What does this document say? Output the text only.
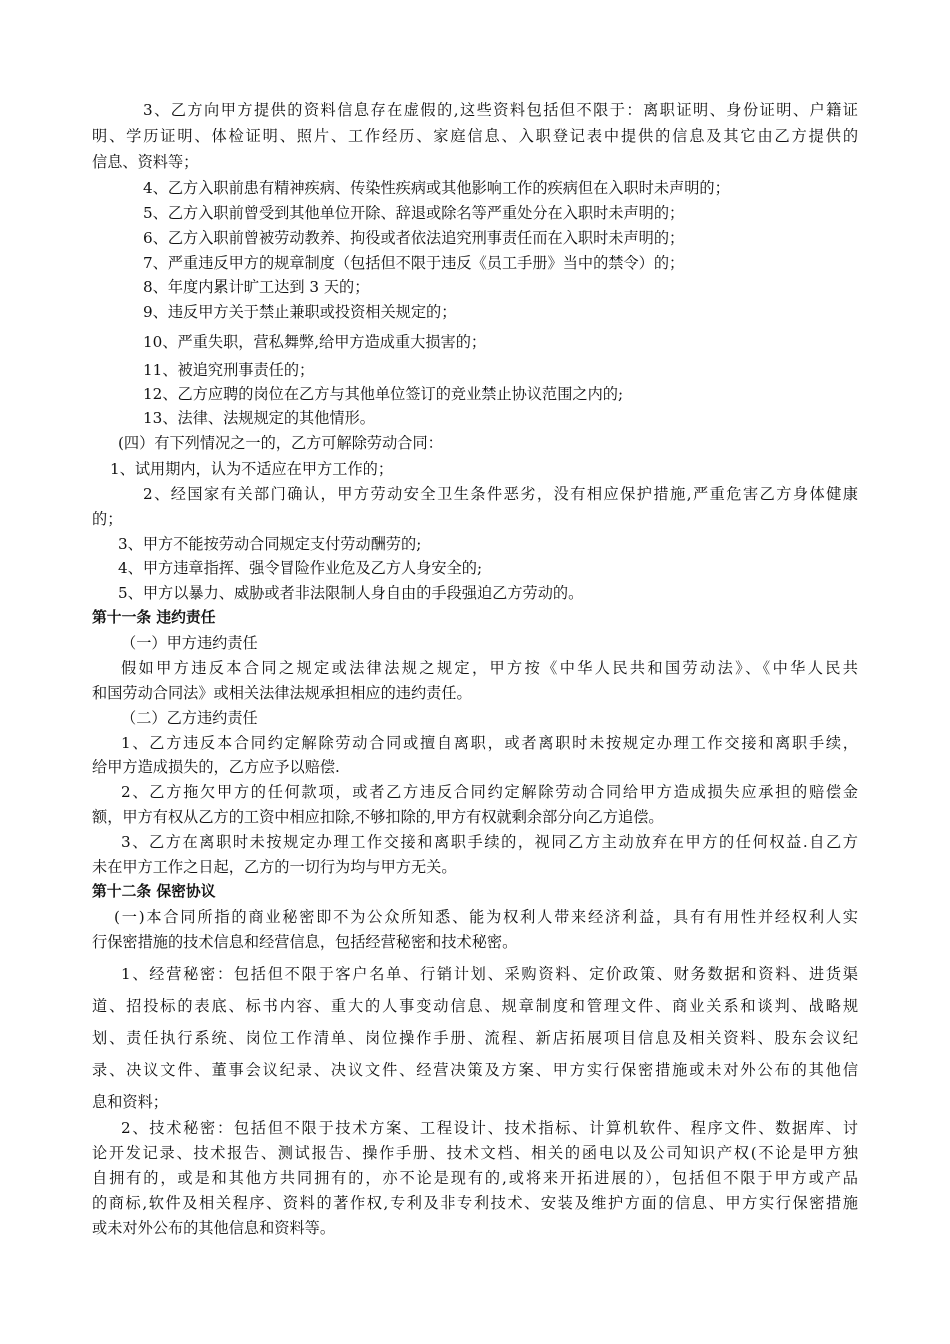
3、乙方向甲方提供的资料信息存在虚假的,这些资料包括但不限于：离职证明、身份证明、户籍证
明、学历证明、体检证明、照片、工作经历、家庭信息、入职登记表中提供的信息及其它由乙方提供的
信息、资料等；
4、乙方入职前患有精神疾病、传染性疾病或其他影响工作的疾病但在入职时未声明的；
5、乙方入职前曾受到其他单位开除、辞退或除名等严重处分在入职时未声明的；
6、乙方入职前曾被劳动教养、拘役或者依法追究刑事责任而在入职时未声明的；
7、严重违反甲方的规章制度（包括但不限于违反《员工手册》当中的禁令）的；
8、年度内累计旷工达到 3 天的；
9、违反甲方关于禁止兼职或投资相关规定的；
10、严重失职，营私舞弊,给甲方造成重大损害的；
11、被追究刑事责任的；
12、乙方应聘的岗位在乙方与其他单位签订的竞业禁止协议范围之内的;
13、法律、法规规定的其他情形。
(四）有下列情况之一的，乙方可解除劳动合同：
1、试用期内，认为不适应在甲方工作的；
2、经国家有关部门确认，甲方劳动安全卫生条件恶劣，没有相应保护措施,严重危害乙方身体健康
的；
3、甲方不能按劳动合同规定支付劳动酬劳的;
4、甲方违章指挥、强令冒险作业危及乙方人身安全的;
5、甲方以暴力、威胁或者非法限制人身自由的手段强迫乙方劳动的。
第十一条 违约责任
（一）甲方违约责任
假如甲方违反本合同之规定或法律法规之规定，甲方按《中华人民共和国劳动法》、《中华人民共
和国劳动合同法》或相关法律法规承担相应的违约责任。
（二）乙方违约责任
1、乙方违反本合同约定解除劳动合同或擅自离职，或者离职时未按规定办理工作交接和离职手续，
给甲方造成损失的，乙方应予以赔偿.
2、乙方拖欠甲方的任何款项，或者乙方违反合同约定解除劳动合同给甲方造成损失应承担的赔偿金
额，甲方有权从乙方的工资中相应扣除,不够扣除的,甲方有权就剩余部分向乙方追偿。
3、乙方在离职时未按规定办理工作交接和离职手续的，视同乙方主动放弃在甲方的任何权益.自乙方
未在甲方工作之日起，乙方的一切行为均与甲方无关。
第十二条 保密协议
(一)本合同所指的商业秘密即不为公众所知悉、能为权利人带来经济利益，具有有用性并经权利人实
行保密措施的技术信息和经营信息，包括经营秘密和技术秘密。
1、经营秘密：包括但不限于客户名单、行销计划、采购资料、定价政策、财务数据和资料、进货渠
道、招投标的表底、标书内容、重大的人事变动信息、规章制度和管理文件、商业关系和谈判、战略规
划、责任执行系统、岗位工作清单、岗位操作手册、流程、新店拓展项目信息及相关资料、股东会议纪
录、决议文件、董事会议纪录、决议文件、经营决策及方案、甲方实行保密措施或未对外公布的其他信
息和资料；
2、技术秘密：包括但不限于技术方案、工程设计、技术指标、计算机软件、程序文件、数据库、讨
论开发记录、技术报告、测试报告、操作手册、技术文档、相关的函电以及公司知识产权(不论是甲方独
自拥有的，或是和其他方共同拥有的，亦不论是现有的,或将来开拓进展的），包括但不限于甲方或产品
的商标,软件及相关程序、资料的著作权,专利及非专利技术、安装及维护方面的信息、甲方实行保密措施
或未对外公布的其他信息和资料等。
